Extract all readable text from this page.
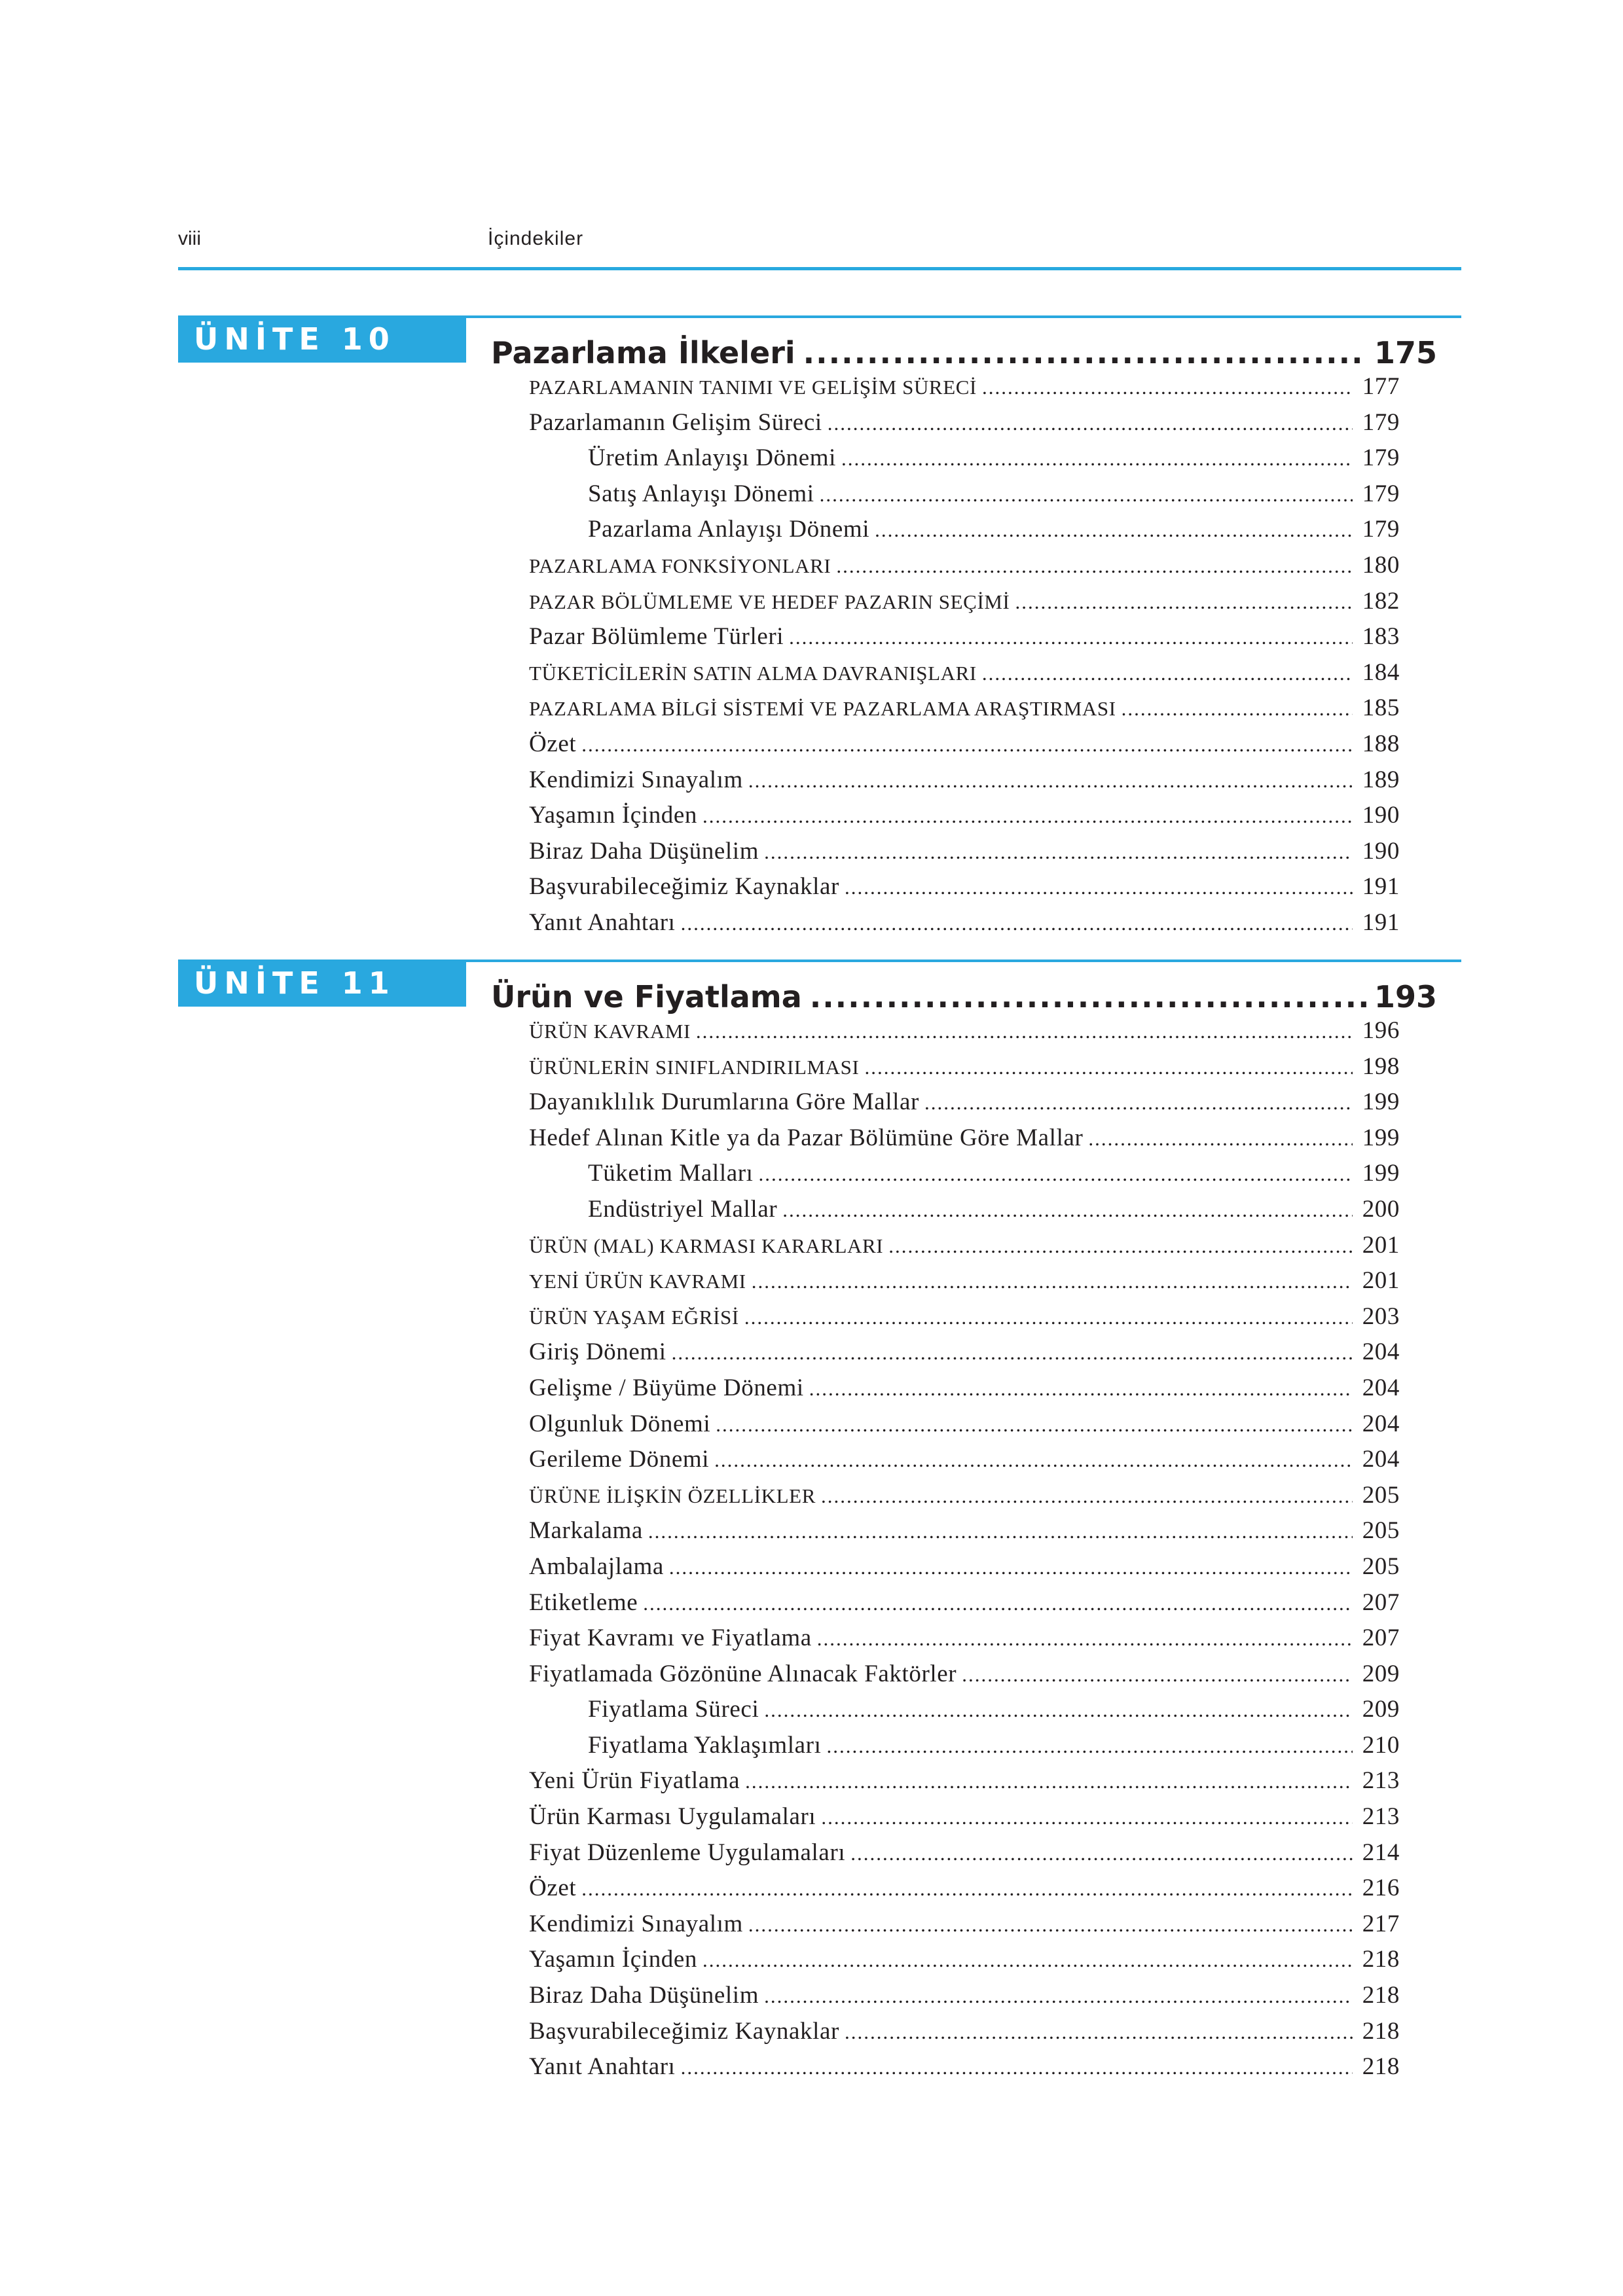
viii	İçindekiler
ÜNİTE 10	Pazarlama İlkeleri .....	175
PAZARLAMANIN TANIMI VE GELİŞİM SÜRECİ .....	177
Pazarlamanın Gelişim Süreci .....	179
Üretim Anlayışı Dönemi .....	179
Satış Anlayışı Dönemi .....	179
Pazarlama Anlayışı Dönemi .....	179
PAZARLAMA FONKSİYONLARI .....	180
PAZAR BÖLÜMLEME VE HEDEF PAZARIN SEÇİMİ .....	182
Pazar Bölümleme Türleri .....	183
TÜKETİCİLERİN SATIN ALMA DAVRANIŞLARI .....	184
PAZARLAMA BİLGİ SİSTEMİ VE PAZARLAMA ARAŞTIRMASI .....	185
Özet .....	188
Kendimizi Sınayalım .....	189
Yaşamın İçinden .....	190
Biraz Daha Düşünelim .....	190
Başvurabileceğimiz Kaynaklar .....	191
Yanıt Anahtarı .....	191
ÜNİTE 11	Ürün ve Fiyatlama .....	193
ÜRÜN KAVRAMI .....	196
ÜRÜNLERİN SINIFLANDIRILMASI .....	198
Dayanıklılık Durumlarına Göre Mallar .....	199
Hedef Alınan Kitle ya da Pazar Bölümüne Göre Mallar .....	199
Tüketim Malları .....	199
Endüstriyel Mallar .....	200
ÜRÜN (MAL) KARMASI KARARLARI .....	201
YENİ ÜRÜN KAVRAMI .....	201
ÜRÜN YAŞAM EĞRİSİ .....	203
Giriş Dönemi .....	204
Gelişme / Büyüme Dönemi .....	204
Olgunluk Dönemi .....	204
Gerileme Dönemi .....	204
ÜRÜNE İLİŞKİN ÖZELLİKLER .....	205
Markalama .....	205
Ambalajlama .....	205
Etiketleme .....	207
Fiyat Kavramı ve Fiyatlama .....	207
Fiyatlamada Gözönüne Alınacak Faktörler .....	209
Fiyatlama Süreci .....	209
Fiyatlama Yaklaşımları .....	210
Yeni Ürün Fiyatlama .....	213
Ürün Karması Uygulamaları .....	213
Fiyat Düzenleme Uygulamaları .....	214
Özet .....	216
Kendimizi Sınayalım .....	217
Yaşamın İçinden .....	218
Biraz Daha Düşünelim .....	218
Başvurabileceğimiz Kaynaklar .....	218
Yanıt Anahtarı .....	218
